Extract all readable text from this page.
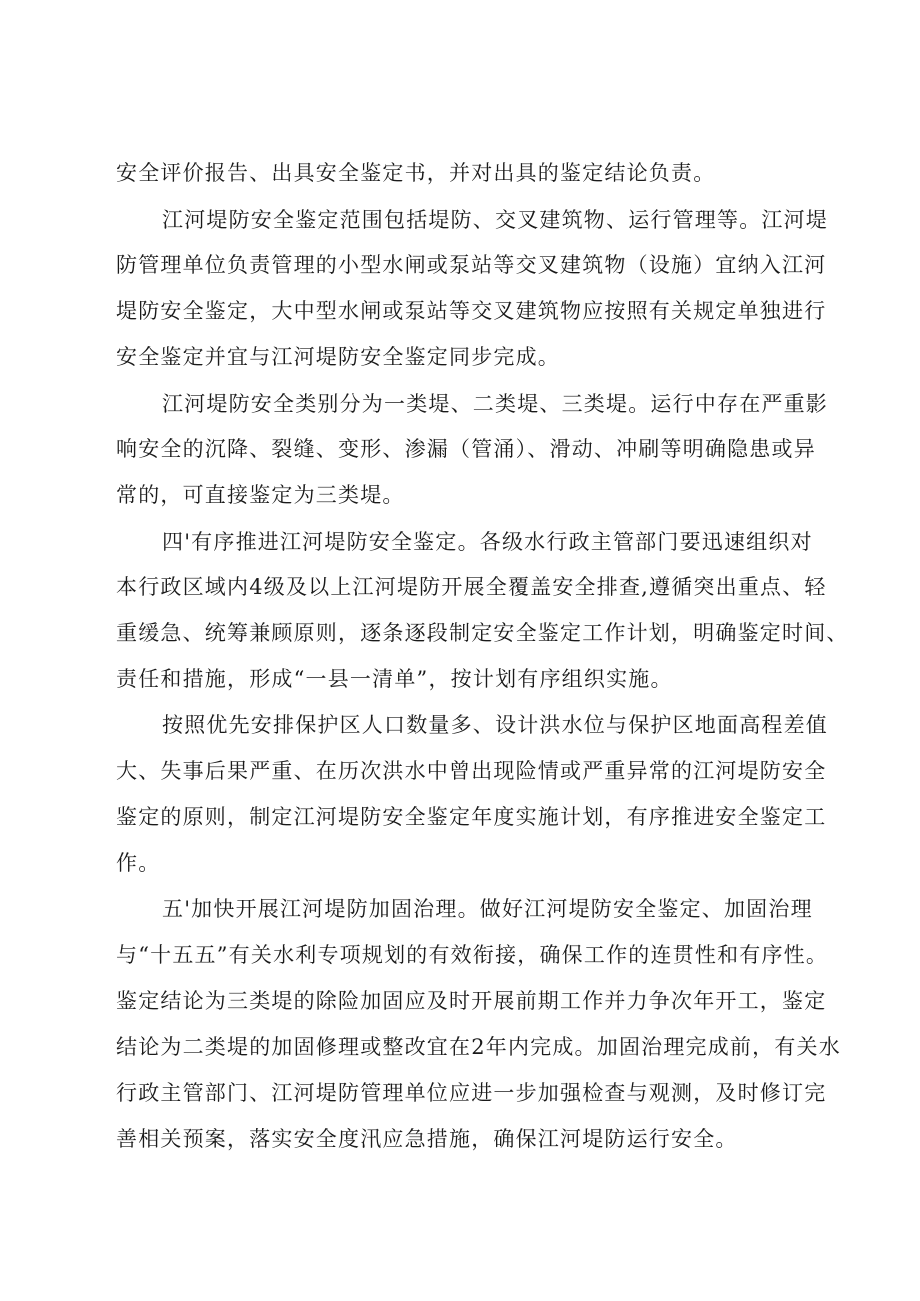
安全评价报告、出具安全鉴定书，并对出具的鉴定结论负责。
江河堤防安全鉴定范围包括堤防、交叉建筑物、运行管理等。江河堤
防管理单位负责管理的小型水闸或泵站等交叉建筑物（设施）宜纳入江河
堤防安全鉴定，大中型水闸或泵站等交叉建筑物应按照有关规定单独进行
安全鉴定并宜与江河堤防安全鉴定同步完成。
江河堤防安全类别分为一类堤、二类堤、三类堤。运行中存在严重影
响安全的沉降、裂缝、变形、渗漏（管涌）、滑动、冲刷等明确隐患或异
常的，可直接鉴定为三类堤。
四'有序推进江河堤防安全鉴定。各级水行政主管部门要迅速组织对
本行政区域内4级及以上江河堤防开展全覆盖安全排查,遵循突出重点、轻
重缓急、统筹兼顾原则，逐条逐段制定安全鉴定工作计划，明确鉴定时间、
责任和措施，形成“一县一清单”，按计划有序组织实施。
按照优先安排保护区人口数量多、设计洪水位与保护区地面高程差值
大、失事后果严重、在历次洪水中曾出现险情或严重异常的江河堤防安全
鉴定的原则，制定江河堤防安全鉴定年度实施计划，有序推进安全鉴定工
作。
五'加快开展江河堤防加固治理。做好江河堤防安全鉴定、加固治理
与“十五五”有关水利专项规划的有效衔接，确保工作的连贯性和有序性。
鉴定结论为三类堤的除险加固应及时开展前期工作并力争次年开工，鉴定
结论为二类堤的加固修理或整改宜在2年内完成。加固治理完成前，有关水
行政主管部门、江河堤防管理单位应进一步加强检查与观测，及时修订完
善相关预案，落实安全度汛应急措施，确保江河堤防运行安全。
